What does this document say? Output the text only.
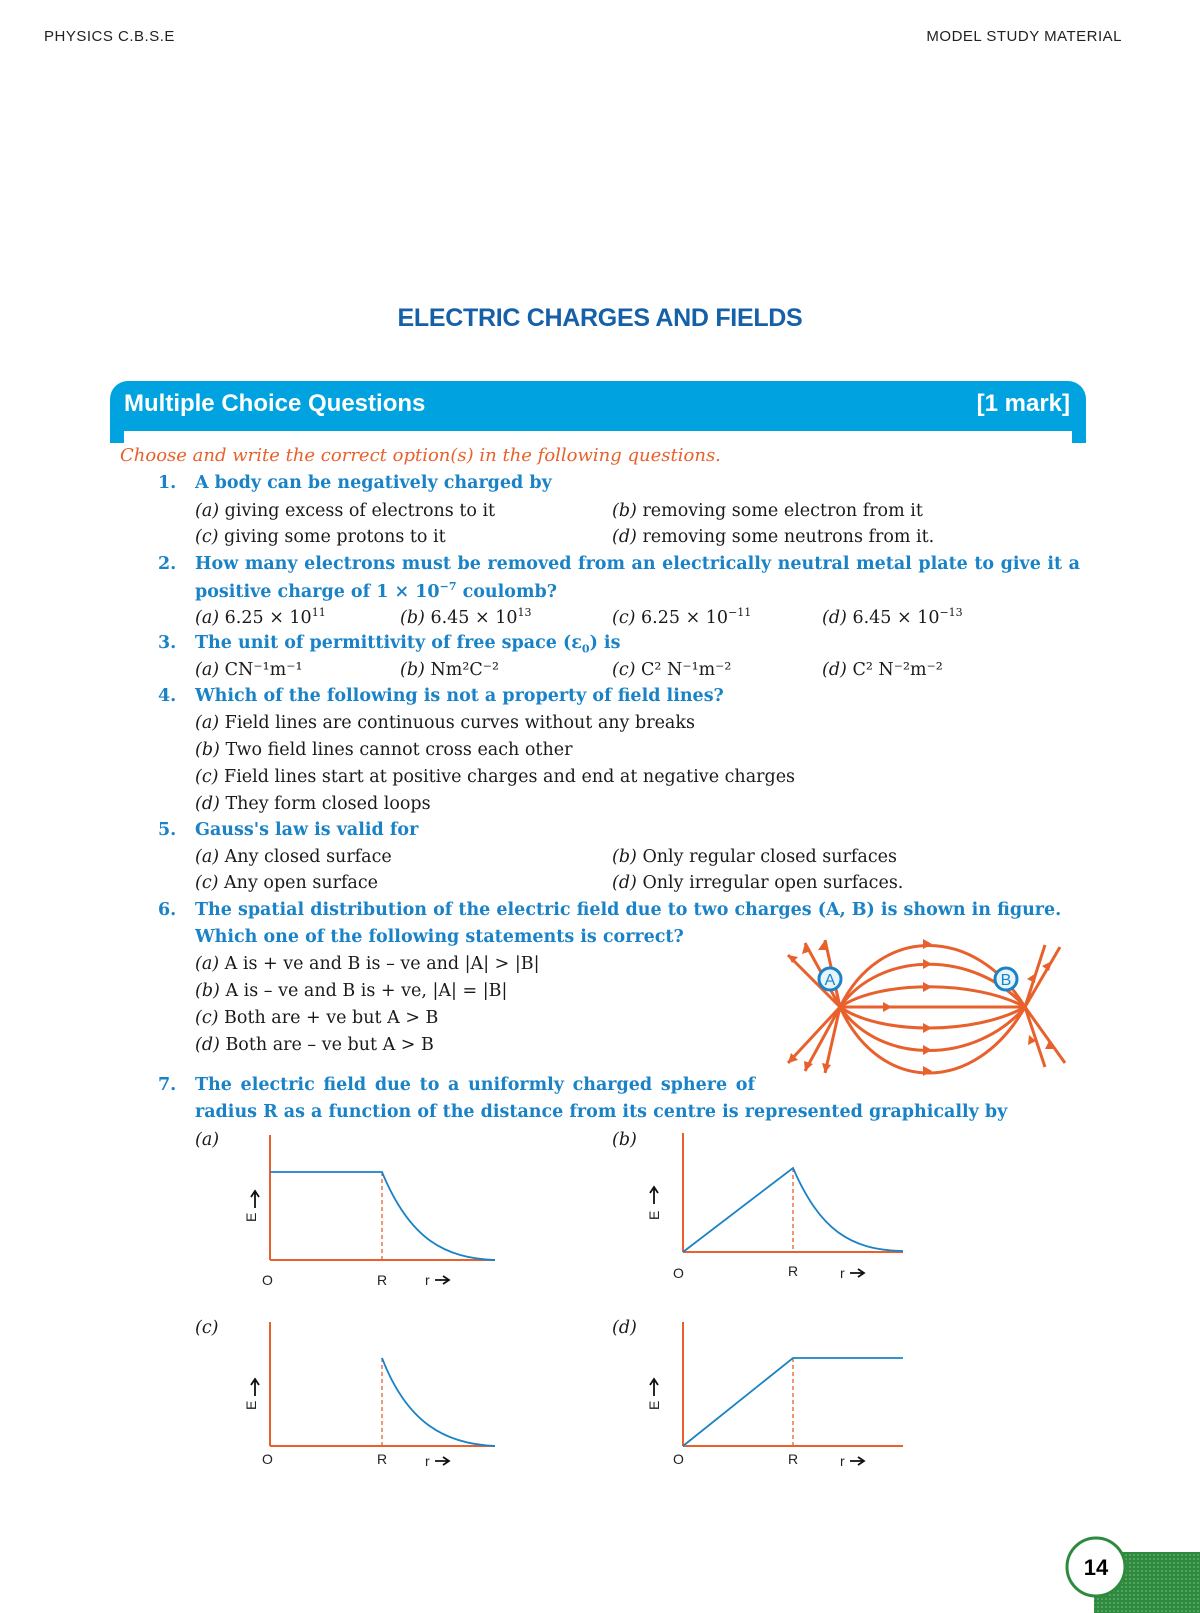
PHYSICS C.B.S.E	MODEL STUDY MATERIAL
ELECTRIC CHARGES AND FIELDS
Multiple Choice Questions	[1 mark]
Choose and write the correct option(s) in the following questions.
1. A body can be negatively charged by
(a) giving excess of electrons to it	(b) removing some electron from it
(c) giving some protons to it	(d) removing some neutrons from it.
2. How many electrons must be removed from an electrically neutral metal plate to give it a
positive charge of $1 \times 10^{-7}$ coulomb?
(a) $6.25 \times 10^{11}$	(b) $6.45 \times 10^{13}$	(c) $6.25 \times 10^{-11}$	(d) $6.45 \times 10^{-13}$
3. The unit of permittivity of free space $(\varepsilon_0)$ is
(a) CN⁻¹m⁻¹	(b) Nm²C⁻²	(c) C² N⁻¹m⁻²	(d) C² N⁻²m⁻²
4. Which of the following is not a property of field lines?
(a) Field lines are continuous curves without any breaks
(b) Two field lines cannot cross each other
(c) Field lines start at positive charges and end at negative charges
(d) They form closed loops
5. Gauss's law is valid for
(a) Any closed surface	(b) Only regular closed surfaces
(c) Any open surface	(d) Only irregular open surfaces.
6. The spatial distribution of the electric field due to two charges (A, B) is shown in figure.
Which one of the following statements is correct?
(a) A is + ve and B is – ve and |A| > |B|
(b) A is – ve and B is + ve, |A| = |B|
(c) Both are + ve but A > B
(d) Both are – ve but A > B
A	B
7. The electric field due to a uniformly charged sphere of
radius R as a function of the distance from its centre is represented graphically by
(a)
O	R	r
E
(b)
O	R	r
E
(c)
O	R	r
E
(d)
O	R	r
E
14
